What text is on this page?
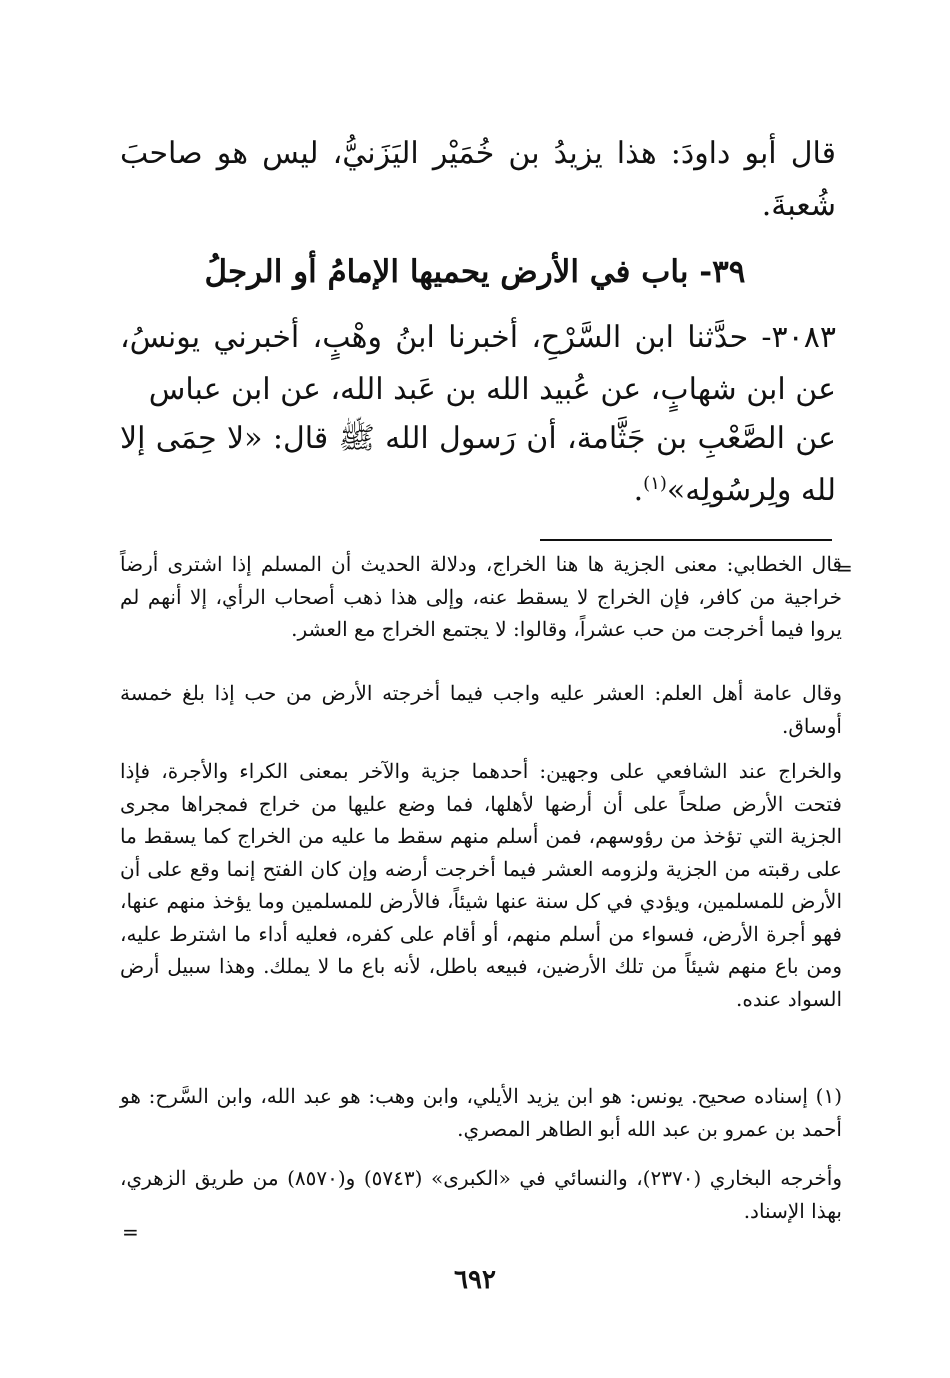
قال أبو داودَ: هذا يزيدُ بن خُمَيْر اليَزَنيُّ، ليس هو صاحبَ شُعبةَ.
٣٩- باب في الأرض يحميها الإمامُ أو الرجلُ
٣٠٨٣- حدَّثنا ابن السَّرْحِ، أخبرنا ابنُ وهْبٍ، أخبرني يونسُ، عن ابن شهابٍ، عن عُبيد الله بن عَبد الله، عن ابن عباس
عن الصَّعْبِ بن جَثَّامة، أن رَسول الله ﷺ قال: «لا حِمَى إلا لله ولِرسُولِه»$^{(١)}$.
=
قال الخطابي: معنى الجزية ها هنا الخراج، ودلالة الحديث أن المسلم إذا اشترى أرضاً خراجية من كافر، فإن الخراج لا يسقط عنه، وإلى هذا ذهب أصحاب الرأي، إلا أنهم لم يروا فيما أخرجت من حب عشراً، وقالوا: لا يجتمع الخراج مع العشر.
وقال عامة أهل العلم: العشر عليه واجب فيما أخرجته الأرض من حب إذا بلغ خمسة أوساق.
والخراج عند الشافعي على وجهين: أحدهما جزية والآخر بمعنى الكراء والأجرة، فإذا فتحت الأرض صلحاً على أن أرضها لأهلها، فما وضع عليها من خراج فمجراها مجرى الجزية التي تؤخذ من رؤوسهم، فمن أسلم منهم سقط ما عليه من الخراج كما يسقط ما على رقبته من الجزية ولزومه العشر فيما أخرجت أرضه وإن كان الفتح إنما وقع على أن الأرض للمسلمين، ويؤدي في كل سنة عنها شيئاً، فالأرض للمسلمين وما يؤخذ منهم عنها، فهو أجرة الأرض، فسواء من أسلم منهم، أو أقام على كفره، فعليه أداء ما اشترط عليه، ومن باع منهم شيئاً من تلك الأرضين، فبيعه باطل، لأنه باع ما لا يملك. وهذا سبيل أرض السواد عنده.
(١) إسناده صحيح. يونس: هو ابن يزيد الأيلي، وابن وهب: هو عبد الله، وابن السَّرح: هو أحمد بن عمرو بن عبد الله أبو الطاهر المصري.
وأخرجه البخاري (٢٣٧٠)، والنسائي في «الكبرى» (٥٧٤٣) و(٨٥٧٠) من طريق الزهري، بهذا الإسناد.
=
٦٩٢
